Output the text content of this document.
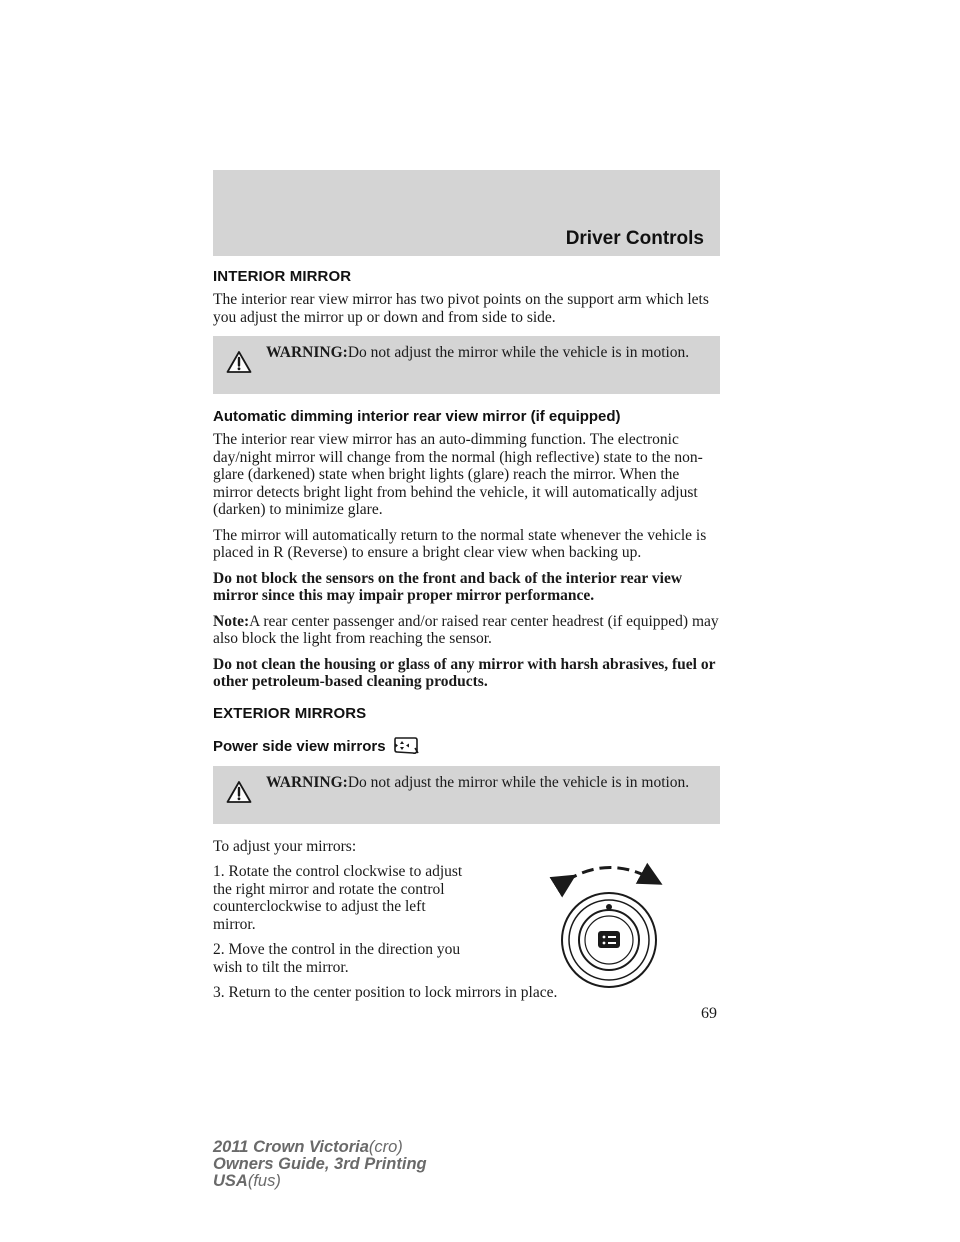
Driver Controls
INTERIOR MIRROR

The interior rear view mirror has two pivot points on the support arm which lets you adjust the mirror up or down and from side to side.

WARNING:Do not adjust the mirror while the vehicle is in motion.

Automatic dimming interior rear view mirror (if equipped)

The interior rear view mirror has an auto-dimming function. The electronic day/night mirror will change from the normal (high reflective) state to the non-glare (darkened) state when bright lights (glare) reach the mirror. When the mirror detects bright light from behind the vehicle, it will automatically adjust (darken) to minimize glare.

The mirror will automatically return to the normal state whenever the vehicle is placed in R (Reverse) to ensure a bright clear view when backing up.

Do not block the sensors on the front and back of the interior rear view mirror since this may impair proper mirror performance.

Note:A rear center passenger and/or raised rear center headrest (if equipped) may also block the light from reaching the sensor.

Do not clean the housing or glass of any mirror with harsh abrasives, fuel or other petroleum-based cleaning products.

EXTERIOR MIRRORS
Power side view mirrors

WARNING:Do not adjust the mirror while the vehicle is in motion.

To adjust your mirrors:

1. Rotate the control clockwise to adjust the right mirror and rotate the control counterclockwise to adjust the left mirror.

2. Move the control in the direction you wish to tilt the mirror.

3. Return to the center position to lock mirrors in place.

69
2011 Crown Victoria(cro)
Owners Guide, 3rd Printing
USA(fus)
